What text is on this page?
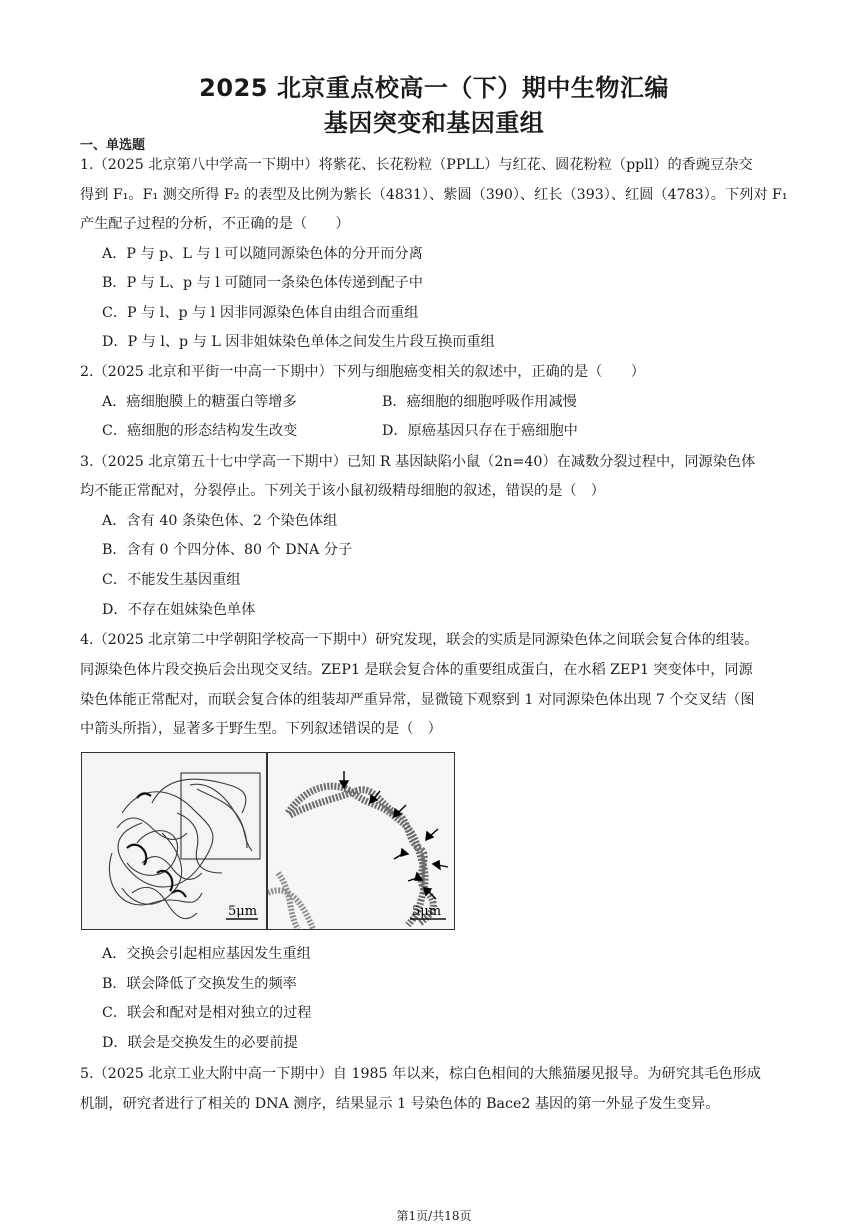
2025 北京重点校高一（下）期中生物汇编
基因突变和基因重组
一、单选题
1.（2025 北京第八中学高一下期中）将紫花、长花粉粒（PPLL）与红花、圆花粉粒（ppll）的香豌豆杂交
得到 F₁。F₁ 测交所得 F₂ 的表型及比例为紫长（4831）、紫圆（390）、红长（393）、红圆（4783）。下列对 F₁
产生配子过程的分析，不正确的是（　　）
A．P 与 p、L 与 l 可以随同源染色体的分开而分离
B．P 与 L、p 与 l 可随同一条染色体传递到配子中
C．P 与 l、p 与 l 因非同源染色体自由组合而重组
D．P 与 l、p 与 L 因非姐妹染色单体之间发生片段互换而重组
2.（2025 北京和平街一中高一下期中）下列与细胞癌变相关的叙述中，正确的是（　　）
A．癌细胞膜上的糖蛋白等增多	B．癌细胞的细胞呼吸作用减慢
C．癌细胞的形态结构发生改变	D．原癌基因只存在于癌细胞中
3.（2025 北京第五十七中学高一下期中）已知 R 基因缺陷小鼠（2n=40）在减数分裂过程中，同源染色体
均不能正常配对，分裂停止。下列关于该小鼠初级精母细胞的叙述，错误的是（　）
A．含有 40 条染色体、2 个染色体组
B．含有 0 个四分体、80 个 DNA 分子
C．不能发生基因重组
D．不存在姐妹染色单体
4.（2025 北京第二中学朝阳学校高一下期中）研究发现，联会的实质是同源染色体之间联会复合体的组装。
同源染色体片段交换后会出现交叉结。ZEP1 是联会复合体的重要组成蛋白，在水稻 ZEP1 突变体中，同源
染色体能正常配对，而联会复合体的组装却严重异常，显微镜下观察到 1 对同源染色体出现 7 个交叉结（图
中箭头所指），显著多于野生型。下列叙述错误的是（　）
5μm	5μm
A．交换会引起相应基因发生重组
B．联会降低了交换发生的频率
C．联会和配对是相对独立的过程
D．联会是交换发生的必要前提
5.（2025 北京工业大附中高一下期中）自 1985 年以来，棕白色相间的大熊猫屡见报导。为研究其毛色形成
机制，研究者进行了相关的 DNA 测序，结果显示 1 号染色体的 Bace2 基因的第一外显子发生变异。
第1页/共18页
